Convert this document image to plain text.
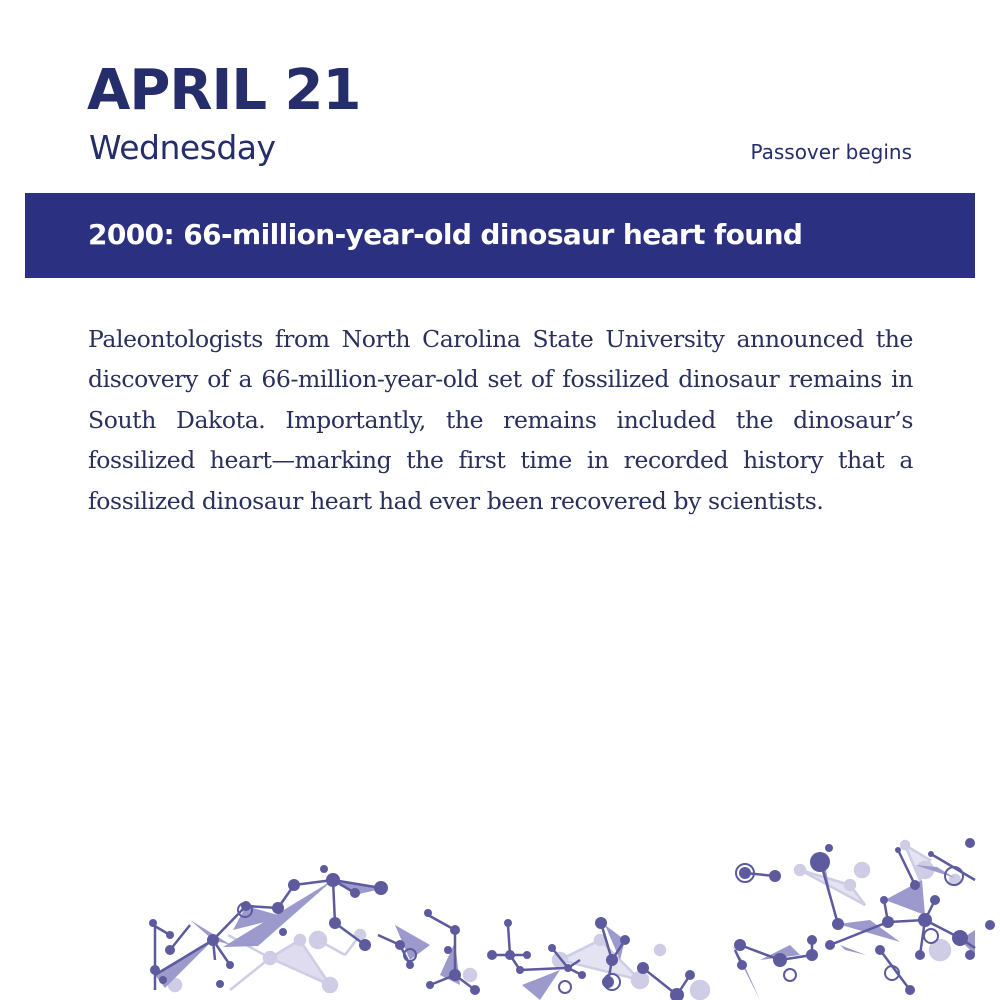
APRIL 21
Wednesday	Passover begins
2000: 66-million-year-old dinosaur heart found

Paleontologists from North Carolina State University announced the discovery of a 66-million-year-old set of fossilized dinosaur remains in South Dakota. Importantly, the remains included the dinosaur’s fossilized heart—marking the first time in recorded history that a fossilized dinosaur heart had ever been recovered by scientists.
